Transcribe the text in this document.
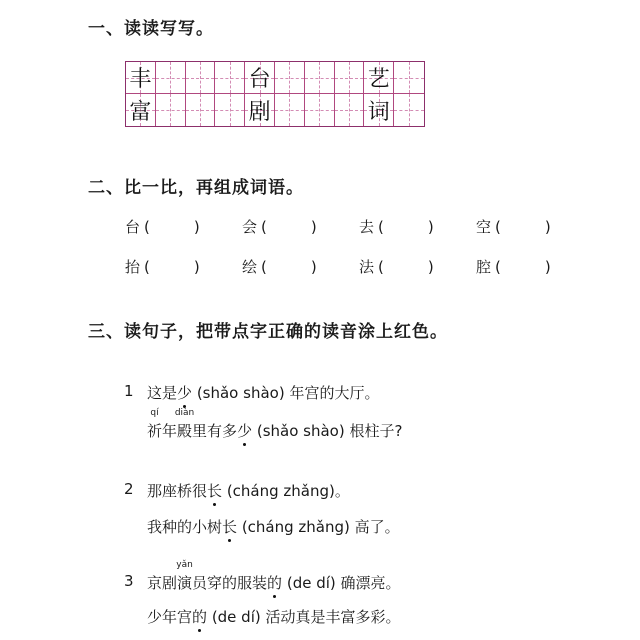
一、读读写写。
丰	台	艺
富	剧	词
二、比一比，再组成词语。
台 (	)	会 (	)	去 (	)	空 (	)
抬 (	)	绘 (	)	法 (	)	腔 (	)
三、读句子，把带点字正确的读音涂上红色。
1 这是少 (shǎo shào) 年宫的大厅。
qí
祈年
diàn
殿里有多少 (shǎo shào) 根柱子?
2 那座桥很长 (cháng zhǎng)。
我种的小树长 (cháng zhǎng) 高了。
3 京剧
yǎn
演员穿的服装的 (de dí) 确漂亮。
少年宫的 (de dí) 活动真是丰富多彩。
